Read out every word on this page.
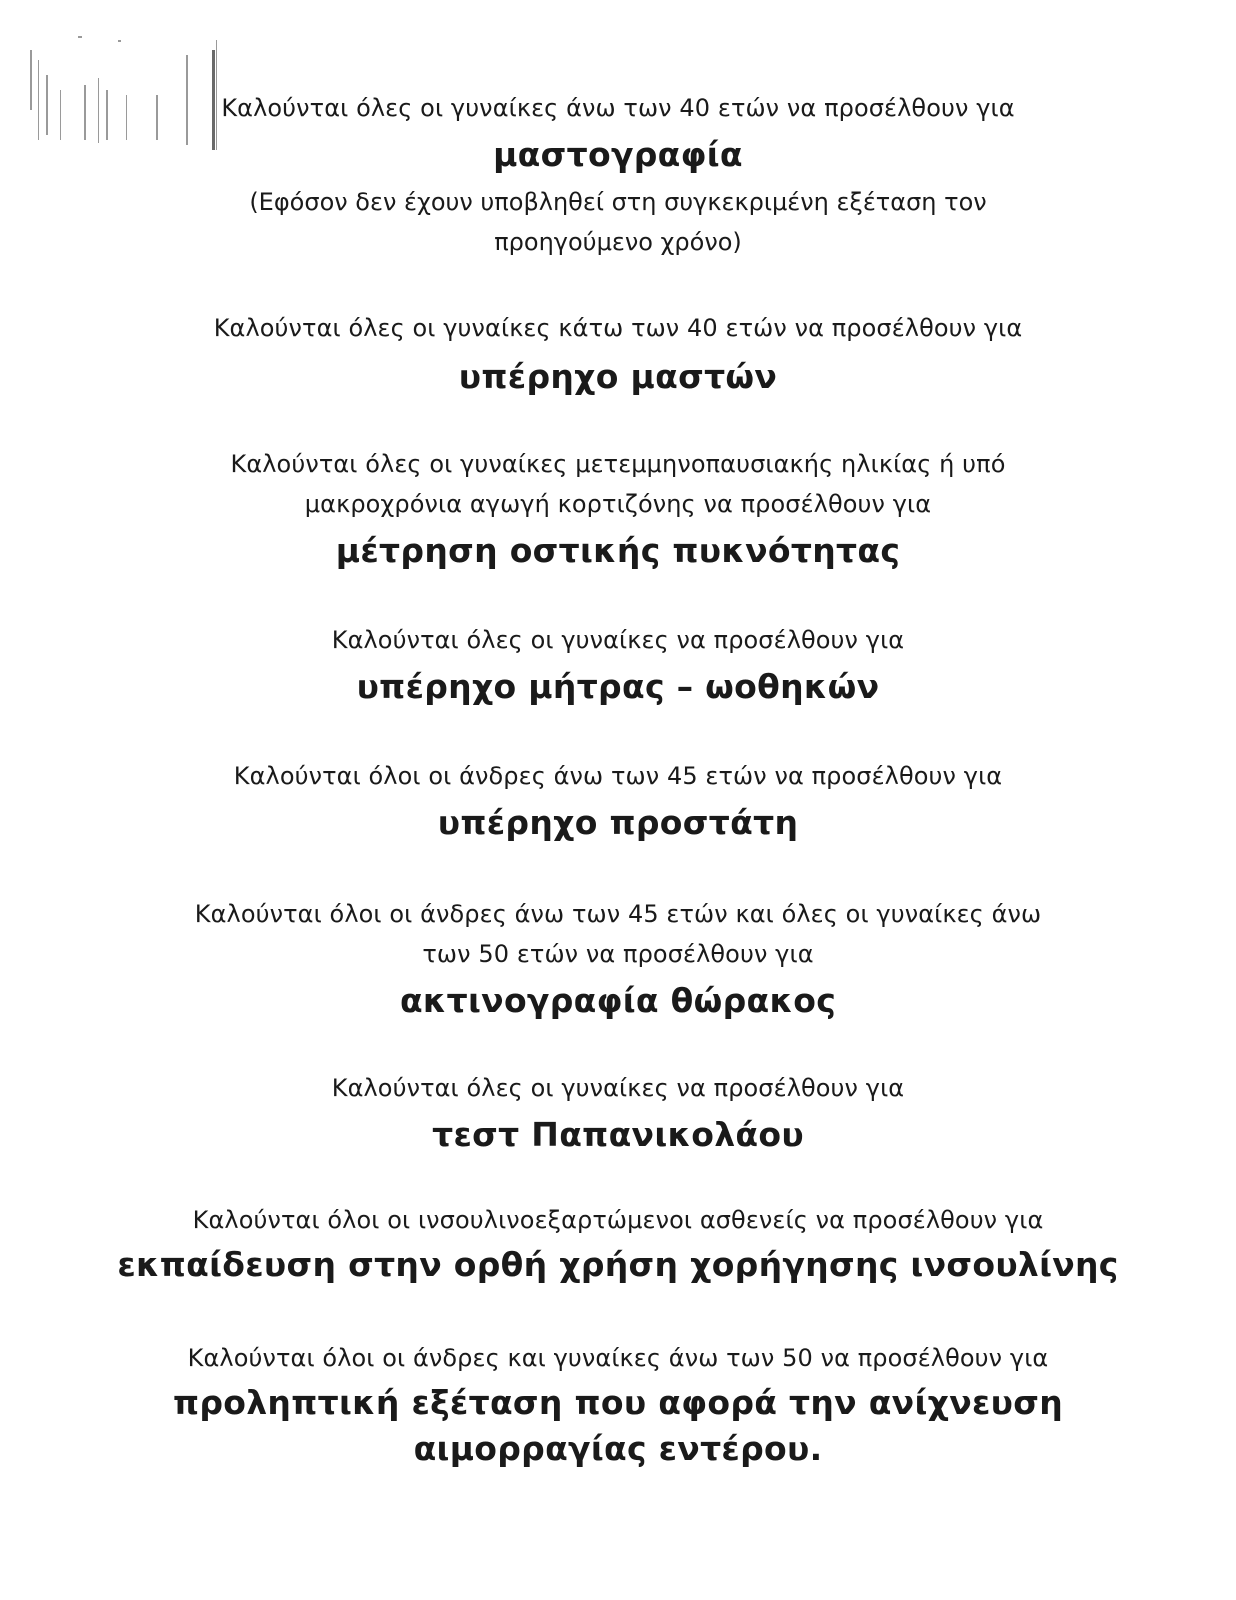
Καλούνται όλες οι γυναίκες άνω των 40 ετών να προσέλθουν για
μαστογραφία
(Εφόσον δεν έχουν υποβληθεί στη συγκεκριμένη εξέταση τον
προηγούμενο χρόνο)
Καλούνται όλες οι γυναίκες κάτω των 40 ετών να προσέλθουν για
υπέρηχο μαστών
Καλούνται όλες οι γυναίκες μετεμμηνοπαυσιακής ηλικίας ή υπό
μακροχρόνια αγωγή κορτιζόνης να προσέλθουν για
μέτρηση οστικής πυκνότητας
Καλούνται όλες οι γυναίκες να προσέλθουν για
υπέρηχο μήτρας – ωοθηκών
Καλούνται όλοι οι άνδρες άνω των 45 ετών να προσέλθουν για
υπέρηχο προστάτη
Καλούνται όλοι οι άνδρες άνω των 45 ετών και όλες οι γυναίκες άνω
των 50 ετών να προσέλθουν για
ακτινογραφία θώρακος
Καλούνται όλες οι γυναίκες να προσέλθουν για
τεστ Παπανικολάου
Καλούνται όλοι οι ινσουλινοεξαρτώμενοι ασθενείς να προσέλθουν για
εκπαίδευση στην ορθή χρήση χορήγησης ινσουλίνης
Καλούνται όλοι οι άνδρες και γυναίκες άνω των 50 να προσέλθουν για
προληπτική εξέταση που αφορά την ανίχνευση
αιμορραγίας εντέρου.
